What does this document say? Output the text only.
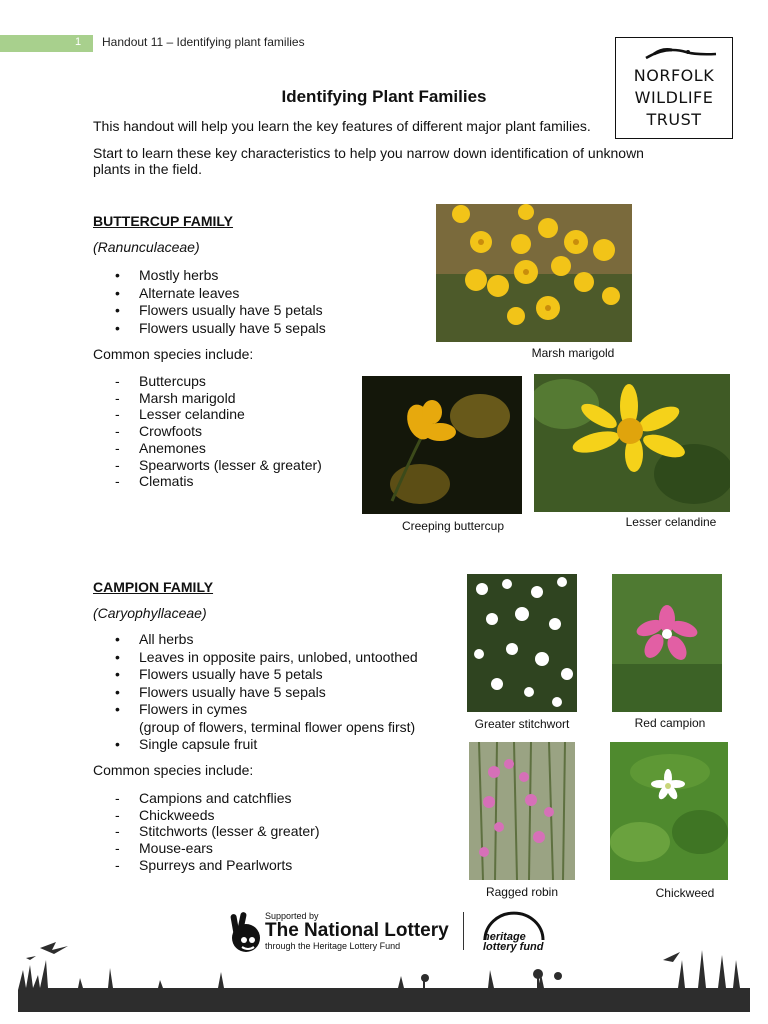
1 Handout 11 – Identifying plant families
NORFOLK
WILDLIFE
TRUST
Identifying Plant Families

This handout will help you learn the key features of different major plant families.

Start to learn these key characteristics to help you narrow down identification of unknown plants in the field.

BUTTERCUP FAMILY
(Ranunculaceae)
• Mostly herbs
• Alternate leaves
• Flowers usually have 5 petals
• Flowers usually have 5 sepals
Common species include:
- Buttercups
- Marsh marigold
- Lesser celandine
- Crowfoots
- Anemones
- Spearworts (lesser & greater)
- Clematis
Marsh marigold
Creeping buttercup	Lesser celandine
CAMPION FAMILY
(Caryophyllaceae)
• All herbs
• Leaves in opposite pairs, unlobed, untoothed
• Flowers usually have 5 petals
• Flowers usually have 5 sepals
• Flowers in cymes
(group of flowers, terminal flower opens first)
• Single capsule fruit
Common species include:
- Campions and catchflies
- Chickweeds
- Stitchworts (lesser & greater)
- Mouse-ears
- Spurreys and Pearlworts
Greater stitchwort	Red campion
Ragged robin	Chickweed
Supported by
The National Lottery
through the Heritage Lottery Fund
heritage
lottery fund
